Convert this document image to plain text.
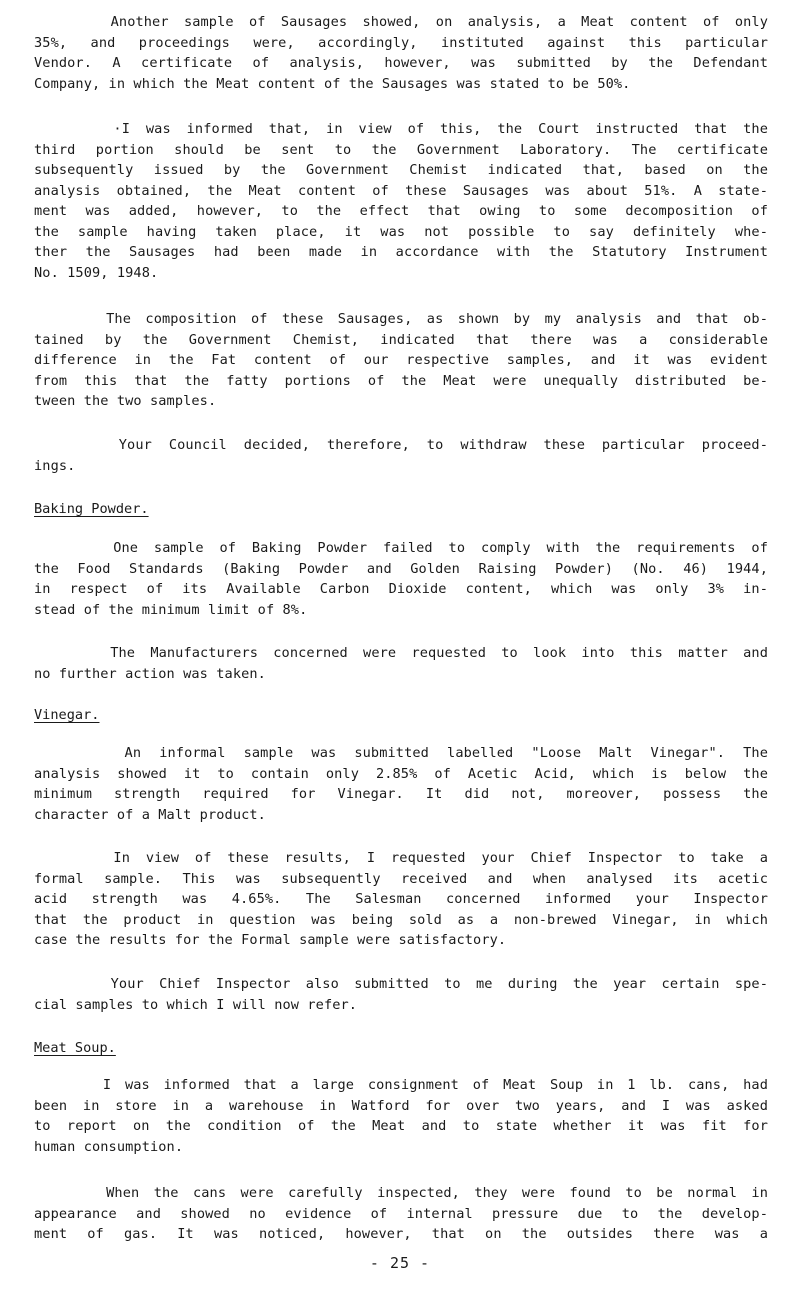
Another sample of Sausages showed, on analysis, a Meat content of only
35%, and proceedings were, accordingly, instituted against this particular
Vendor. A certificate of analysis, however, was submitted by the Defendant
Company, in which the Meat content of the Sausages was stated to be 50%.
·I was informed that, in view of this, the Court instructed that the
third portion should be sent to the Government Laboratory. The certificate
subsequently issued by the Government Chemist indicated that, based on the
analysis obtained, the Meat content of these Sausages was about 51%. A state-
ment was added, however, to the effect that owing to some decomposition of
the sample having taken place, it was not possible to say definitely whe-
ther the Sausages had been made in accordance with the Statutory Instrument
No. 1509, 1948.
The composition of these Sausages, as shown by my analysis and that ob-
tained by the Government Chemist, indicated that there was a considerable
difference in the Fat content of our respective samples, and it was evident
from this that the fatty portions of the Meat were unequally distributed be-
tween the two samples.
Your Council decided, therefore, to withdraw these particular proceed-
ings.
Baking Powder.
One sample of Baking Powder failed to comply with the requirements of
the Food Standards (Baking Powder and Golden Raising Powder) (No. 46) 1944,
in respect of its Available Carbon Dioxide content, which was only 3% in-
stead of the minimum limit of 8%.
The Manufacturers concerned were requested to look into this matter and
no further action was taken.
Vinegar.
An informal sample was submitted labelled "Loose Malt Vinegar". The
analysis showed it to contain only 2.85% of Acetic Acid, which is below the
minimum strength required for Vinegar. It did not, moreover, possess the
character of a Malt product.
In view of these results, I requested your Chief Inspector to take a
formal sample. This was subsequently received and when analysed its acetic
acid strength was 4.65%. The Salesman concerned informed your Inspector
that the product in question was being sold as a non-brewed Vinegar, in which
case the results for the Formal sample were satisfactory.
Your Chief Inspector also submitted to me during the year certain spe-
cial samples to which I will now refer.
Meat Soup.
I was informed that a large consignment of Meat Soup in 1 lb. cans, had
been in store in a warehouse in Watford for over two years, and I was asked
to report on the condition of the Meat and to state whether it was fit for
human consumption.
When the cans were carefully inspected, they were found to be normal in
appearance and showed no evidence of internal pressure due to the develop-
ment of gas. It was noticed, however, that on the outsides there was a
- 25 -
